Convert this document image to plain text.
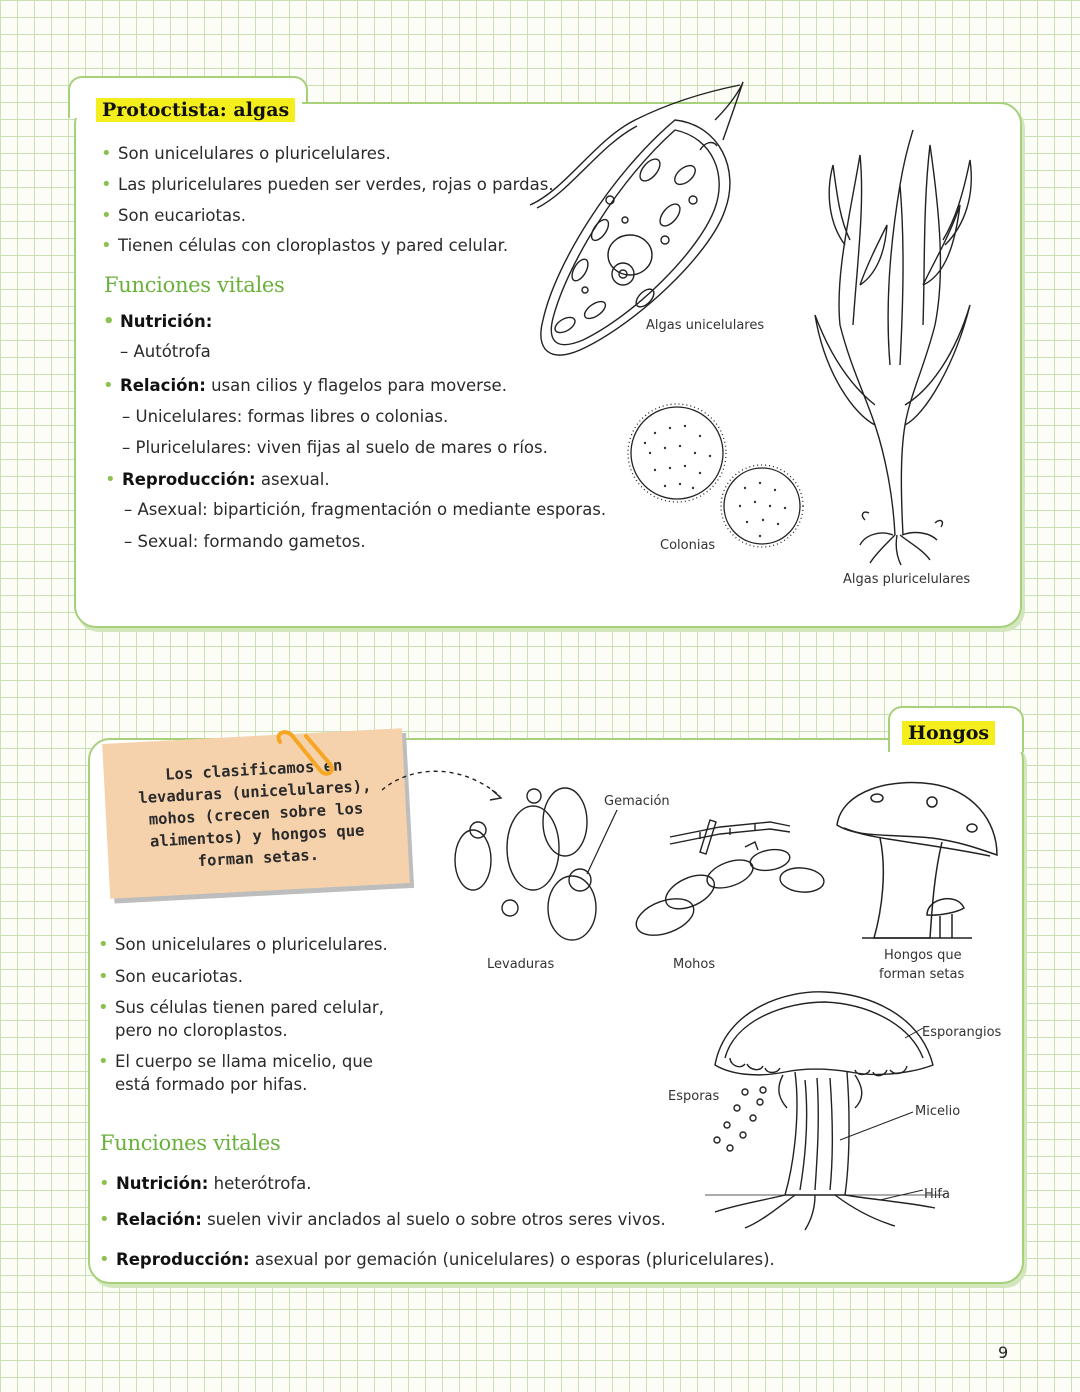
Protoctista: algas
• Son unicelulares o pluricelulares.
• Las pluricelulares pueden ser verdes, rojas o pardas.
• Son eucariotas.
• Tienen células con cloroplastos y pared celular.
Funciones vitales
• Nutrición:
– Autótrofa
• Relación: usan cilios y flagelos para moverse.
– Unicelulares: formas libres o colonias.
– Pluricelulares: viven fijas al suelo de mares o ríos.
• Reproducción: asexual.
– Asexual: bipartición, fragmentación o mediante esporas.
– Sexual: formando gametos.
Algas unicelulares
Colonias
Algas pluricelulares
Hongos
Los clasificamos en
levaduras (unicelulares),
mohos (crecen sobre los
alimentos) y hongos que
forman setas.
Gemación
Levaduras	Mohos
Hongos que
forman setas
Esporangios
Esporas
Micelio
Hifa
• Son unicelulares o pluricelulares.
• Son eucariotas.
• Sus células tienen pared celular,
pero no cloroplastos.
• El cuerpo se llama micelio, que
está formado por hifas.
Funciones vitales
• Nutrición: heterótrofa.
• Relación: suelen vivir anclados al suelo o sobre otros seres vivos.
• Reproducción: asexual por gemación (unicelulares) o esporas (pluricelulares).
9
